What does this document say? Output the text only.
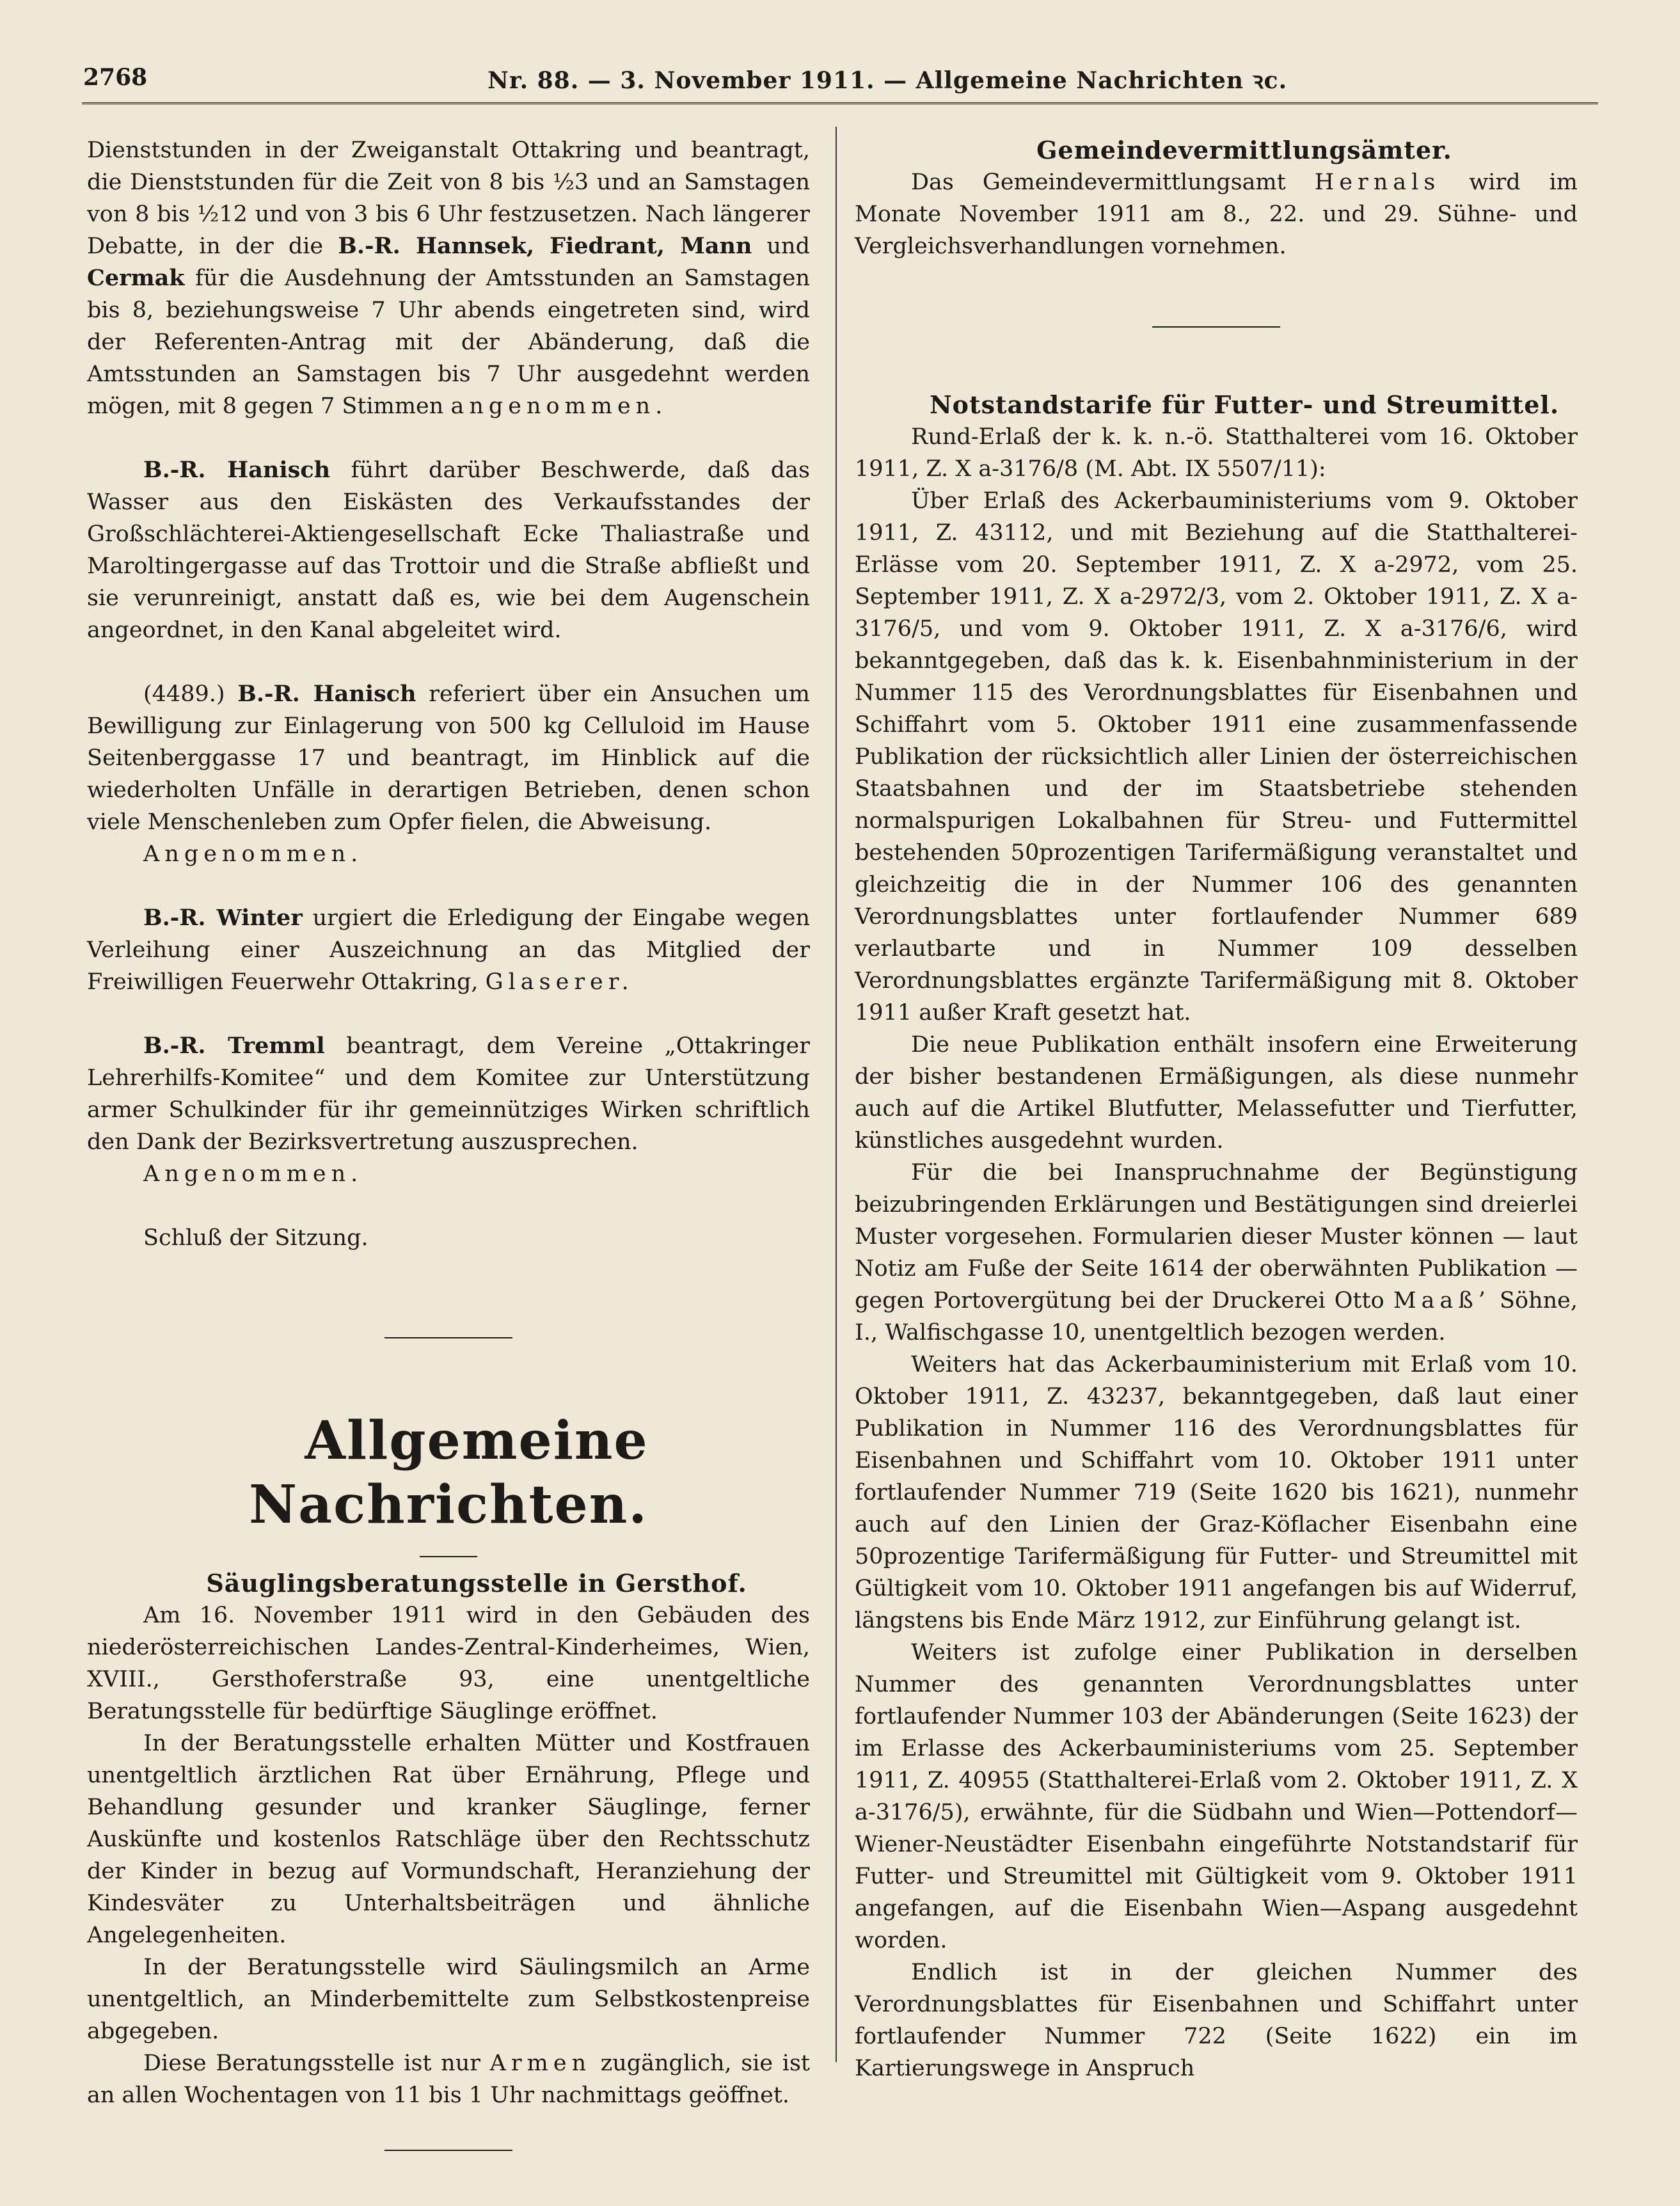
2768	Nr. 88. — 3. November 1911. — Allgemeine Nachrichten ꝛc.

Dienststunden in der Zweiganstalt Ottakring und beantragt, die Dienststunden für die Zeit von 8 bis ½3 und an Samstagen von 8 bis ½12 und von 3 bis 6 Uhr festzusetzen. Nach längerer Debatte, in der die B.-R. Hannsek, Fiedrant, Mann und Cermak für die Ausdehnung der Amtsstunden an Samstagen bis 8, beziehungsweise 7 Uhr abends eingetreten sind, wird der Referenten-Antrag mit der Abänderung, daß die Amtsstunden an Samstagen bis 7 Uhr ausgedehnt werden mögen, mit 8 gegen 7 Stimmen angenommen.

B.-R. Hanisch führt darüber Beschwerde, daß das Wasser aus den Eiskästen des Verkaufsstandes der Großschlächterei-Aktiengesellschaft Ecke Thaliastraße und Maroltingergasse auf das Trottoir und die Straße abfließt und sie verunreinigt, anstatt daß es, wie bei dem Augenschein angeordnet, in den Kanal abgeleitet wird.

(4489.) B.-R. Hanisch referiert über ein Ansuchen um Bewilligung zur Einlagerung von 500 kg Celluloid im Hause Seitenberggasse 17 und beantragt, im Hinblick auf die wiederholten Unfälle in derartigen Betrieben, denen schon viele Menschenleben zum Opfer fielen, die Abweisung.

Angenommen.

B.-R. Winter urgiert die Erledigung der Eingabe wegen Verleihung einer Auszeichnung an das Mitglied der Freiwilligen Feuerwehr Ottakring, Glaserer.

B.-R. Tremml beantragt, dem Vereine „Ottakringer Lehrerhilfs-Komitee“ und dem Komitee zur Unterstützung armer Schulkinder für ihr gemeinnütziges Wirken schriftlich den Dank der Bezirksvertretung auszusprechen.

Angenommen.

Schluß der Sitzung.

Allgemeine Nachrichten.

Säuglingsberatungsstelle in Gersthof.

Am 16. November 1911 wird in den Gebäuden des niederösterreichischen Landes-Zentral-Kinderheimes, Wien, XVIII., Gersthoferstraße 93, eine unentgeltliche Beratungsstelle für bedürftige Säuglinge eröffnet.

In der Beratungsstelle erhalten Mütter und Kostfrauen unentgeltlich ärztlichen Rat über Ernährung, Pflege und Behandlung gesunder und kranker Säuglinge, ferner Auskünfte und kostenlos Ratschläge über den Rechtsschutz der Kinder in bezug auf Vormundschaft, Heranziehung der Kindesväter zu Unterhaltsbeiträgen und ähnliche Angelegenheiten.

In der Beratungsstelle wird Säulingsmilch an Arme unentgeltlich, an Minderbemittelte zum Selbstkostenpreise abgegeben.

Diese Beratungsstelle ist nur Armen zugänglich, sie ist an allen Wochentagen von 11 bis 1 Uhr nachmittags geöffnet.

Gemeindevermittlungsämter.

Das Gemeindevermittlungsamt Hernals wird im Monate November 1911 am 8., 22. und 29. Sühne- und Vergleichsverhandlungen vornehmen.

Notstandstarife für Futter- und Streumittel.

Rund-Erlaß der k. k. n.-ö. Statthalterei vom 16. Oktober 1911, Z. X a-3176/8 (M. Abt. IX 5507/11):

Über Erlaß des Ackerbauministeriums vom 9. Oktober 1911, Z. 43112, und mit Beziehung auf die Statthalterei-Erlässe vom 20. September 1911, Z. X a-2972, vom 25. September 1911, Z. X a-2972/3, vom 2. Oktober 1911, Z. X a-3176/5, und vom 9. Oktober 1911, Z. X a-3176/6, wird bekanntgegeben, daß das k. k. Eisenbahnministerium in der Nummer 115 des Verordnungsblattes für Eisenbahnen und Schiffahrt vom 5. Oktober 1911 eine zusammenfassende Publikation der rücksichtlich aller Linien der österreichischen Staatsbahnen und der im Staatsbetriebe stehenden normalspurigen Lokalbahnen für Streu- und Futtermittel bestehenden 50prozentigen Tarifermäßigung veranstaltet und gleichzeitig die in der Nummer 106 des genannten Verordnungsblattes unter fortlaufender Nummer 689 verlautbarte und in Nummer 109 desselben Verordnungsblattes ergänzte Tarifermäßigung mit 8. Oktober 1911 außer Kraft gesetzt hat.

Die neue Publikation enthält insofern eine Erweiterung der bisher bestandenen Ermäßigungen, als diese nunmehr auch auf die Artikel Blutfutter, Melassefutter und Tierfutter, künstliches ausgedehnt wurden.

Für die bei Inanspruchnahme der Begünstigung beizubringenden Erklärungen und Bestätigungen sind dreierlei Muster vorgesehen. Formularien dieser Muster können — laut Notiz am Fuße der Seite 1614 der oberwähnten Publikation — gegen Portovergütung bei der Druckerei Otto Maaß’ Söhne, I., Walfischgasse 10, unentgeltlich bezogen werden.

Weiters hat das Ackerbauministerium mit Erlaß vom 10. Oktober 1911, Z. 43237, bekanntgegeben, daß laut einer Publikation in Nummer 116 des Verordnungsblattes für Eisenbahnen und Schiffahrt vom 10. Oktober 1911 unter fortlaufender Nummer 719 (Seite 1620 bis 1621), nunmehr auch auf den Linien der Graz-Köflacher Eisenbahn eine 50prozentige Tarifermäßigung für Futter- und Streumittel mit Gültigkeit vom 10. Oktober 1911 angefangen bis auf Widerruf, längstens bis Ende März 1912, zur Einführung gelangt ist.

Weiters ist zufolge einer Publikation in derselben Nummer des genannten Verordnungsblattes unter fortlaufender Nummer 103 der Abänderungen (Seite 1623) der im Erlasse des Ackerbauministeriums vom 25. September 1911, Z. 40955 (Statthalterei-Erlaß vom 2. Oktober 1911, Z. X a-3176/5), erwähnte, für die Südbahn und Wien—Pottendorf—Wiener-Neustädter Eisenbahn eingeführte Notstandstarif für Futter- und Streumittel mit Gültigkeit vom 9. Oktober 1911 angefangen, auf die Eisenbahn Wien—Aspang ausgedehnt worden.

Endlich ist in der gleichen Nummer des Verordnungsblattes für Eisenbahnen und Schiffahrt unter fortlaufender Nummer 722 (Seite 1622) ein im Kartierungswege in Anspruch
